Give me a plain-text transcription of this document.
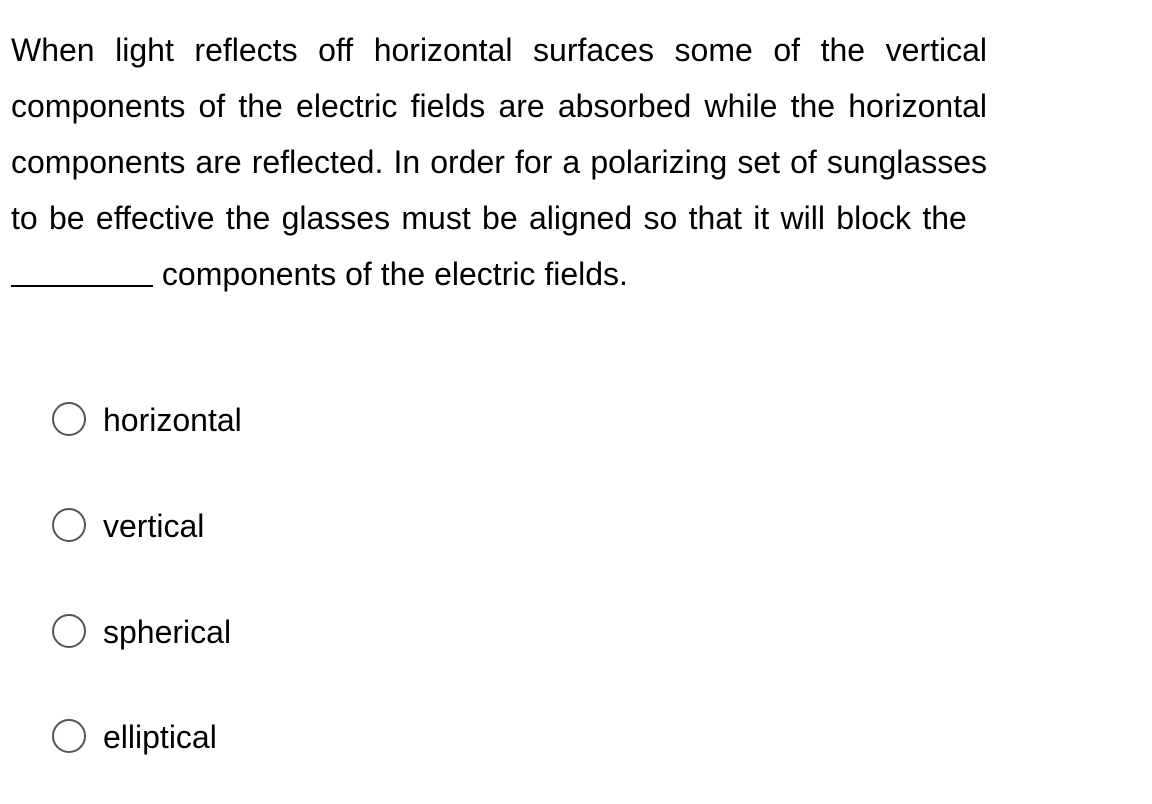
When light reflects off horizontal surfaces some of the vertical components of the electric fields are absorbed while the horizontal components are reflected. In order for a polarizing set of sunglasses to be effective the glasses must be aligned so that it will block the   components of the electric fields.
horizontal
vertical
spherical
elliptical
